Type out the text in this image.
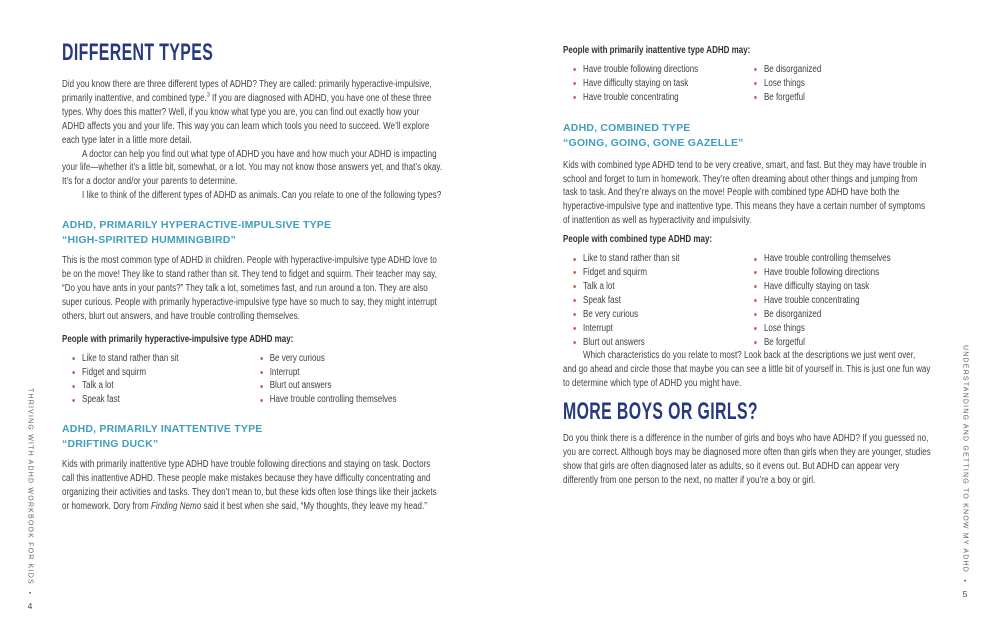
THRIVING WITH ADHD WORKBOOK FOR KIDS
•
4
DIFFERENT TYPES

Did you know there are three different types of ADHD? They are called: primarily hyperactive-impulsive, primarily inattentive, and combined type.$^3$ If you are diagnosed with ADHD, you have one of these three types. Why does this matter? Well, if you know what type you are, you can find out exactly how your ADHD affects you and your life. This way you can learn which tools you need to succeed. We’ll explore each type later in a little more detail.

A doctor can help you find out what type of ADHD you have and how much your ADHD is impacting your life—whether it’s a little bit, somewhat, or a lot. You may not know those answers yet, and that’s okay. It’s for a doctor and/or your parents to determine.

I like to think of the different types of ADHD as animals. Can you relate to one of the following types?

ADHD, PRIMARILY HYPERACTIVE-IMPULSIVE TYPE
“HIGH-SPIRITED HUMMINGBIRD”

This is the most common type of ADHD in children. People with hyperactive-impulsive type ADHD love to be on the move! They like to stand rather than sit. They tend to fidget and squirm. Their teacher may say, “Do you have ants in your pants?” They talk a lot, sometimes fast, and run around a ton. They are also super curious. People with primarily hyperactive-impulsive type have so much to say, they might interrupt others, blurt out answers, and have trouble controlling themselves.

People with primarily hyperactive-impulsive type ADHD may:

Like to stand rather than sit
Fidget and squirm
Talk a lot
Speak fast
Be very curious
Interrupt
Blurt out answers
Have trouble controlling themselves
ADHD, PRIMARILY INATTENTIVE TYPE
“DRIFTING DUCK”

Kids with primarily inattentive type ADHD have trouble following directions and staying on task. Doctors call this inattentive ADHD. These people make mistakes because they have difficulty concentrating and organizing their activities and tasks. They don’t mean to, but these kids often lose things like their jackets or homework. Dory from Finding Nemo said it best when she said, “My thoughts, they leave my head.”

People with primarily inattentive type ADHD may:

Have trouble following directions
Have difficulty staying on task
Have trouble concentrating
Be disorganized
Lose things
Be forgetful
ADHD, COMBINED TYPE
“GOING, GOING, GONE GAZELLE”

Kids with combined type ADHD tend to be very creative, smart, and fast. But they may have trouble in school and forget to turn in homework. They’re often dreaming about other things and jumping from task to task. And they’re always on the move! People with combined type ADHD have both the hyperactive-impulsive type and inattentive type. This means they have a certain number of symptoms of inattention as well as hyperactivity and impulsivity.

People with combined type ADHD may:

Like to stand rather than sit
Fidget and squirm
Talk a lot
Speak fast
Be very curious
Interrupt
Blurt out answers
Have trouble controlling themselves
Have trouble following directions
Have difficulty staying on task
Have trouble concentrating
Be disorganized
Lose things
Be forgetful

Which characteristics do you relate to most? Look back at the descriptions we just went over, and go ahead and circle those that maybe you can see a little bit of yourself in. This is just one fun way to determine which type of ADHD you might have.

MORE BOYS OR GIRLS?

Do you think there is a difference in the number of girls and boys who have ADHD? If you guessed no, you are correct. Although boys may be diagnosed more often than girls when they are younger, studies show that girls are often diagnosed later as adults, so it evens out. But ADHD can appear very differently from one person to the next, no matter if you’re a boy or girl.	UNDERSTANDING AND GETTING TO KNOW MY ADHD
•
5
